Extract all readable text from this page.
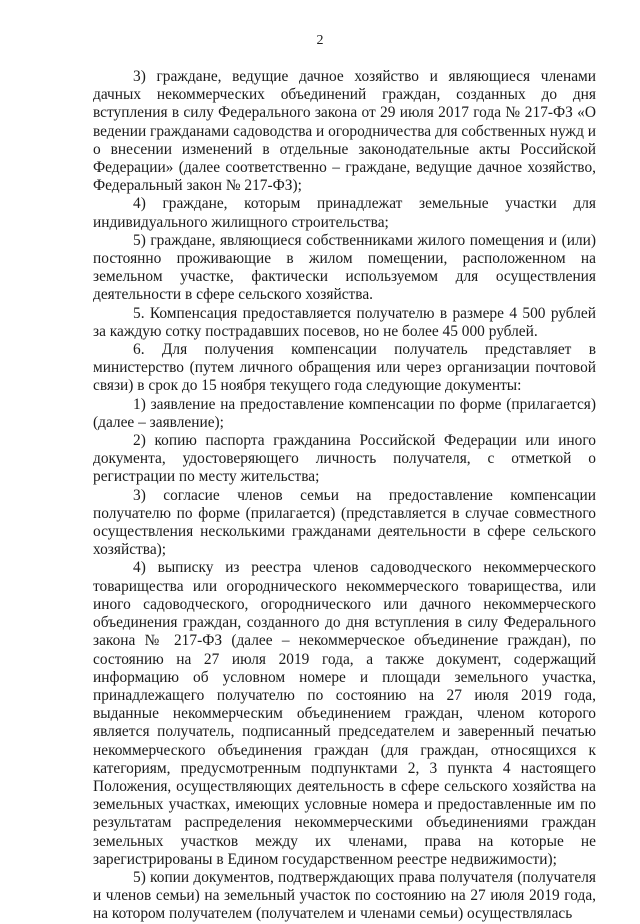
2

3) граждане, ведущие дачное хозяйство и являющиеся членами дачных некоммерческих объединений граждан, созданных до дня вступления в силу Федерального закона от 29 июля 2017 года № 217-ФЗ «О ведении гражданами садоводства и огородничества для собственных нужд и о внесении изменений в отдельные законодательные акты Российской Федерации» (далее соответственно – граждане, ведущие дачное хозяйство, Федеральный закон № 217-ФЗ);

4) граждане, которым принадлежат земельные участки для индивидуального жилищного строительства;

5) граждане, являющиеся собственниками жилого помещения и (или) постоянно проживающие в жилом помещении, расположенном на земельном участке, фактически используемом для осуществления деятельности в сфере сельского хозяйства.

5. Компенсация предоставляется получателю в размере 4 500 рублей за каждую сотку пострадавших посевов, но не более 45 000 рублей.

6. Для получения компенсации получатель представляет в министерство (путем личного обращения или через организации почтовой связи) в срок до 15 ноября текущего года следующие документы:

1) заявление на предоставление компенсации по форме (прилагается) (далее – заявление);

2) копию паспорта гражданина Российской Федерации или иного документа, удостоверяющего личность получателя, с отметкой о регистрации по месту жительства;

3) согласие членов семьи на предоставление компенсации получателю по форме (прилагается) (представляется в случае совместного осуществления несколькими гражданами деятельности в сфере сельского хозяйства);

4) выписку из реестра членов садоводческого некоммерческого товарищества или огороднического некоммерческого товарищества, или иного садоводческого, огороднического или дачного некоммерческого объединения граждан, созданного до дня вступления в силу Федерального закона № 217-ФЗ (далее – некоммерческое объединение граждан), по состоянию на 27 июля 2019 года, а также документ, содержащий информацию об условном номере и площади земельного участка, принадлежащего получателю по состоянию на 27 июля 2019 года, выданные некоммерческим объединением граждан, членом которого является получатель, подписанный председателем и заверенный печатью некоммерческого объединения граждан (для граждан, относящихся к категориям, предусмотренным подпунктами 2, 3 пункта 4 настоящего Положения, осуществляющих деятельность в сфере сельского хозяйства на земельных участках, имеющих условные номера и предоставленные им по результатам распределения некоммерческими объединениями граждан земельных участков между их членами, права на которые не зарегистрированы в Едином государственном реестре недвижимости);

5) копии документов, подтверждающих права получателя (получателя и членов семьи) на земельный участок по состоянию на 27 июля 2019 года, на котором получателем (получателем и членами семьи) осуществлялась
